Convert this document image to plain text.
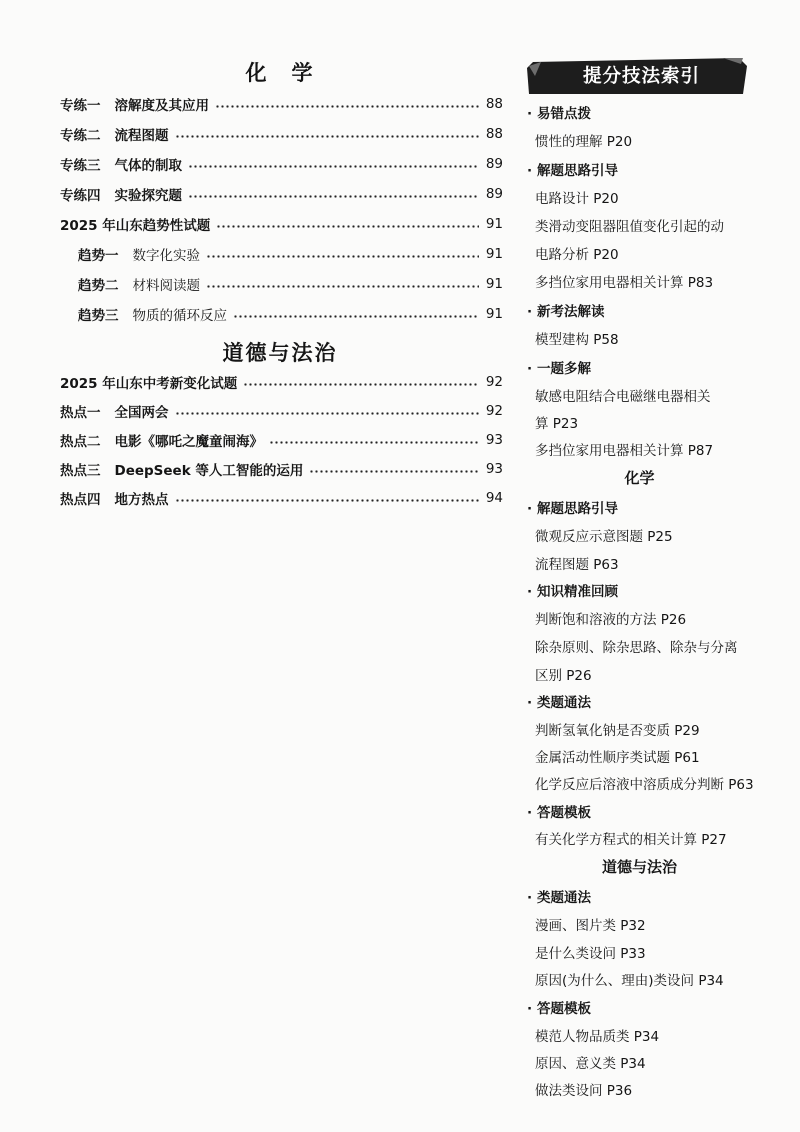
化　学
专练一 溶解度及其应用	88
专练二 流程图题	88
专练三 气体的制取	89
专练四 实验探究题	89
2025 年山东趋势性试题	91
趋势一 数字化实验	91
趋势二 材料阅读题	91
趋势三 物质的循环反应	91
道德与法治
2025 年山东中考新变化试题	92
热点一 全国两会	92
热点二 电影《哪吒之魔童闹海》	93
热点三 DeepSeek 等人工智能的运用	93
热点四 地方热点	94
提分技法索引
· 易错点拨
惯性的理解 P20
· 解题思路引导
电路设计 P20
类滑动变阻器阻值变化引起的动
电路分析 P20
多挡位家用电器相关计算 P83
· 新考法解读
模型建构 P58
· 一题多解
敏感电阻结合电磁继电器相关
算 P23
多挡位家用电器相关计算 P87
化学
· 解题思路引导
微观反应示意图题 P25
流程图题 P63
· 知识精准回顾
判断饱和溶液的方法 P26
除杂原则、除杂思路、除杂与分离
区别 P26
· 类题通法
判断氢氧化钠是否变质 P29
金属活动性顺序类试题 P61
化学反应后溶液中溶质成分判断 P63
· 答题模板
有关化学方程式的相关计算 P27
道德与法治
· 类题通法
漫画、图片类 P32
是什么类设问 P33
原因(为什么、理由)类设问 P34
· 答题模板
模范人物品质类 P34
原因、意义类 P34
做法类设问 P36
